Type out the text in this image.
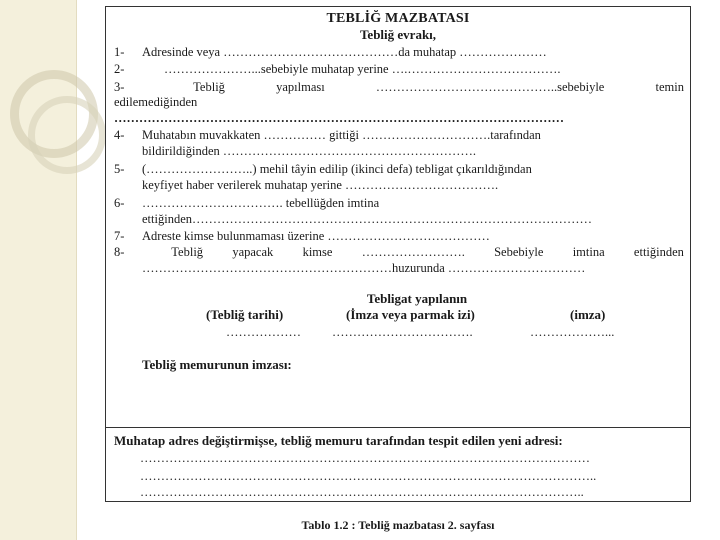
TEBLİĞ MAZBATASI
Tebliğ evrakı,
1- Adresinde veya ……………………………………da muhatap …………………
2-	…………………...sebebiyle muhatap yerine ….……………………………….
3-	Tebliğ	yapılması	……………………………………..sebebiyle	temin
edilemediğinden
………………………………………………………………………………………………
4- Muhatabın muvakkaten …………… gittiği ………………………….tarafından
bildirildiğinden …………………………………………………….
5- (……………………..) mehil tâyin edilip (ikinci defa) tebligat çıkarıldığından
keyfiyet haber verilerek muhatap yerine ……………………………….
6- ……………………………. tebellüğden imtina
ettiğinden……………………………………………………………………………………
7- Adreste kimse bulunmaması üzerine …………………………………
8-	Tebliğ yapacak kimse ……………………. Sebebiyle imtina ettiğinden
……………………………………………………huzurunda ……………………………
Tebligat yapılanın
(Tebliğ tarihi)	(İmza veya parmak izi)	(imza)
……………… …………………………….	………………...
Tebliğ memurunun imzası:
Muhatap adres değiştirmişse, tebliğ memuru tarafından tespit edilen yeni adresi:
………………………………………………………………………………………………
………………………………………………………………………………………………..
……………………………………………………………………………………………..
Tablo 1.2 : Tebliğ mazbatası 2. sayfası
